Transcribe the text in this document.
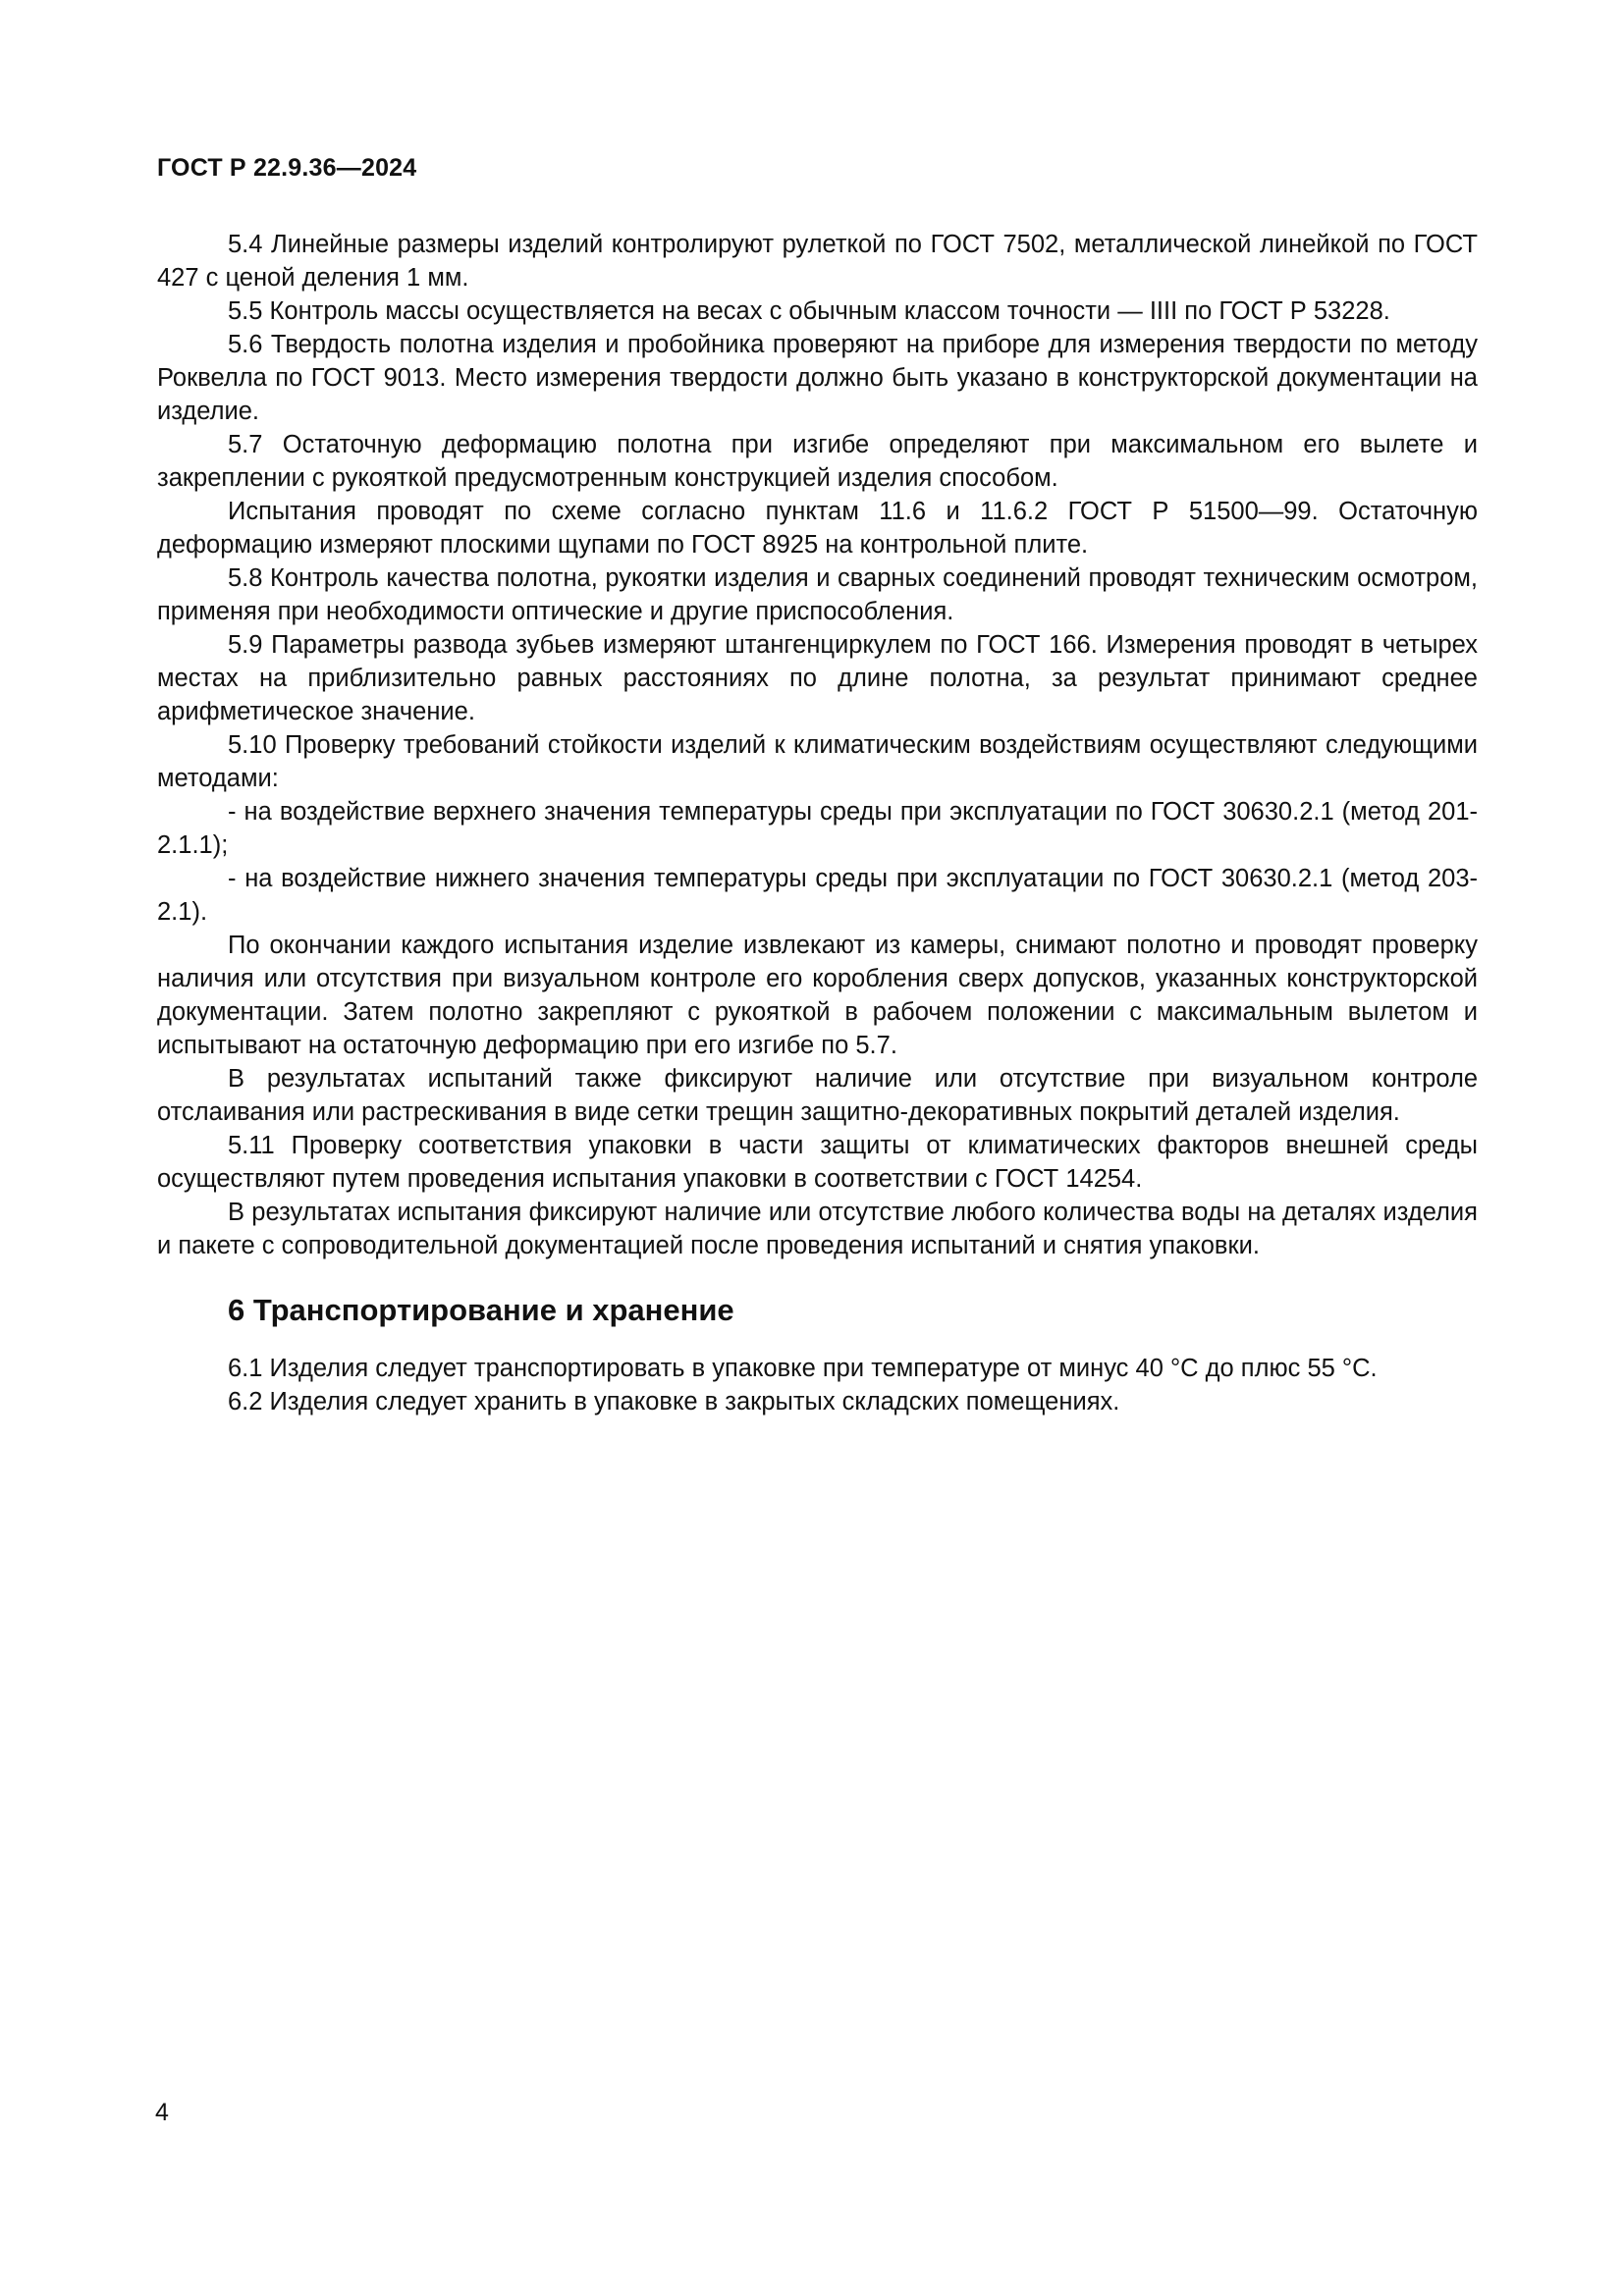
ГОСТ Р 22.9.36—2024

5.4 Линейные размеры изделий контролируют рулеткой по ГОСТ 7502, металлической линейкой по ГОСТ 427 с ценой деления 1 мм.

5.5 Контроль массы осуществляется на весах с обычным классом точности — IIII по ГОСТ Р 53228.

5.6 Твердость полотна изделия и пробойника проверяют на приборе для измерения твердости по методу Роквелла по ГОСТ 9013. Место измерения твердости должно быть указано в конструкторской документации на изделие.

5.7 Остаточную деформацию полотна при изгибе определяют при максимальном его вылете и закреплении с рукояткой предусмотренным конструкцией изделия способом.

Испытания проводят по схеме согласно пунктам 11.6 и 11.6.2 ГОСТ Р 51500—99. Остаточную деформацию измеряют плоскими щупами по ГОСТ 8925 на контрольной плите.

5.8 Контроль качества полотна, рукоятки изделия и сварных соединений проводят техническим осмотром, применяя при необходимости оптические и другие приспособления.

5.9 Параметры развода зубьев измеряют штангенциркулем по ГОСТ 166. Измерения проводят в четырех местах на приблизительно равных расстояниях по длине полотна, за результат принимают среднее арифметическое значение.

5.10 Проверку требований стойкости изделий к климатическим воздействиям осуществляют следующими методами:

- на воздействие верхнего значения температуры среды при эксплуатации по ГОСТ 30630.2.1 (метод 201-2.1.1);

- на воздействие нижнего значения температуры среды при эксплуатации по ГОСТ 30630.2.1 (метод 203-2.1).

По окончании каждого испытания изделие извлекают из камеры, снимают полотно и проводят проверку наличия или отсутствия при визуальном контроле его коробления сверх допусков, указанных конструкторской документации. Затем полотно закрепляют с рукояткой в рабочем положении с максимальным вылетом и испытывают на остаточную деформацию при его изгибе по 5.7.

В результатах испытаний также фиксируют наличие или отсутствие при визуальном контроле отслаивания или растрескивания в виде сетки трещин защитно-декоративных покрытий деталей изделия.

5.11 Проверку соответствия упаковки в части защиты от климатических факторов внешней среды осуществляют путем проведения испытания упаковки в соответствии с ГОСТ 14254.

В результатах испытания фиксируют наличие или отсутствие любого количества воды на деталях изделия и пакете с сопроводительной документацией после проведения испытаний и снятия упаковки.

6 Транспортирование и хранение

6.1 Изделия следует транспортировать в упаковке при температуре от минус 40 °С до плюс 55 °С.

6.2 Изделия следует хранить в упаковке в закрытых складских помещениях.

4
